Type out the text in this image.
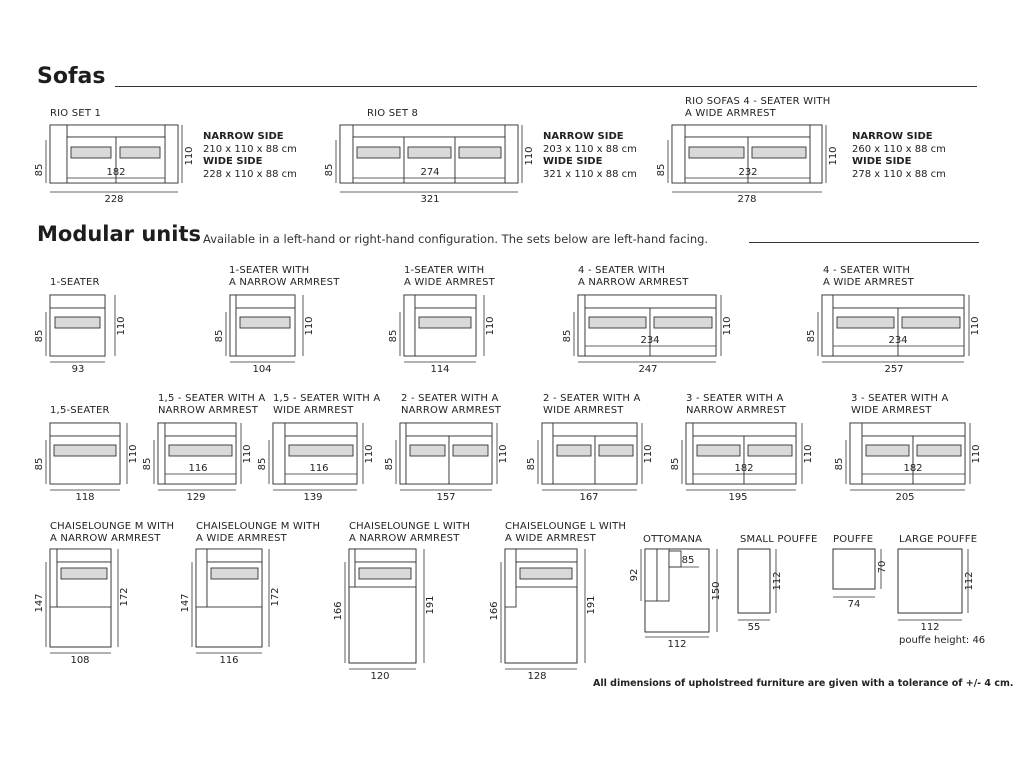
Sofas
RIO SET 1
182
228
85
110
NARROW SIDE
210 x 110 x 88 cm
WIDE SIDE
228 x 110 x 88 cm
RIO SET 8
274
321
85
110
NARROW SIDE
203 x 110 x 88 cm
WIDE SIDE
321 x 110 x 88 cm
RIO SOFAS 4 - SEATER WITH
A WIDE ARMREST
232
278
85
110
NARROW SIDE
260 x 110 x 88 cm
WIDE SIDE
278 x 110 x 88 cm
Modular units Available in a left-hand or right-hand configuration. The sets below are left-hand facing.
1-SEATER
93
85
110
1-SEATER WITH
A NARROW ARMREST
104
85
110
1-SEATER WITH
A WIDE ARMREST
114
85
110
4 - SEATER WITH
A NARROW ARMREST
234
247
85
110
4 - SEATER WITH
A WIDE ARMREST
234
257
85
110
1,5-SEATER
118
85
110
1,5 - SEATER WITH A
NARROW ARMREST
116
129
85
110
1,5 - SEATER WITH A
WIDE ARMREST
116
139
85
110
2 - SEATER WITH A
NARROW ARMREST
157
85
110
2 - SEATER WITH A
WIDE ARMREST
167
85
110
3 - SEATER WITH A
NARROW ARMREST
182
195
85
110
3 - SEATER WITH A
WIDE ARMREST
182
205
85
110
CHAISELOUNGE M WITH
A NARROW ARMREST
108
147	172
CHAISELOUNGE M WITH
A WIDE ARMREST
116
147	172
CHAISELOUNGE L WITH
A NARROW ARMREST
120
166	191
CHAISELOUNGE L WITH
A WIDE ARMREST
128
166	191
OTTOMANA
85
112
92
150
SMALL POUFFE
55
112
POUFFE
74
70
LARGE POUFFE
112
112
pouffe height: 46
All dimensions of upholstreed furniture are given with a tolerance of +/- 4 cm.
